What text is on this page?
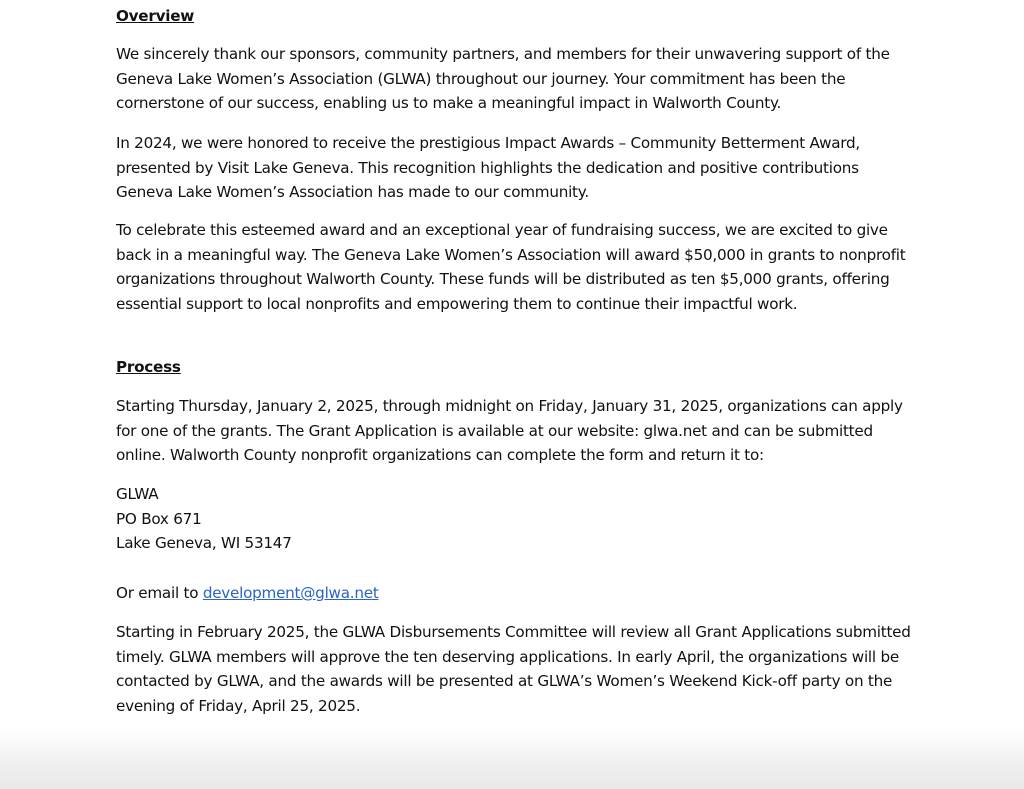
Overview

We sincerely thank our sponsors, community partners, and members for their unwavering support of the Geneva Lake Women’s Association (GLWA) throughout our journey. Your commitment has been the cornerstone of our success, enabling us to make a meaningful impact in Walworth County.

In 2024, we were honored to receive the prestigious Impact Awards – Community Betterment Award, presented by Visit Lake Geneva. This recognition highlights the dedication and positive contributions Geneva Lake Women’s Association has made to our community.

To celebrate this esteemed award and an exceptional year of fundraising success, we are excited to give back in a meaningful way. The Geneva Lake Women’s Association will award $50,000 in grants to nonprofit organizations throughout Walworth County. These funds will be distributed as ten $5,000 grants, offering essential support to local nonprofits and empowering them to continue their impactful work.

Process

Starting Thursday, January 2, 2025, through midnight on Friday, January 31, 2025, organizations can apply for one of the grants. The Grant Application is available at our website: glwa.net and can be submitted online. Walworth County nonprofit organizations can complete the form and return it to:

GLWA
PO Box 671
Lake Geneva, WI 53147
Or email to development@glwa.net

Starting in February 2025, the GLWA Disbursements Committee will review all Grant Applications submitted timely. GLWA members will approve the ten deserving applications. In early April, the organizations will be contacted by GLWA, and the awards will be presented at GLWA’s Women’s Weekend Kick-off party on the evening of Friday, April 25, 2025.
